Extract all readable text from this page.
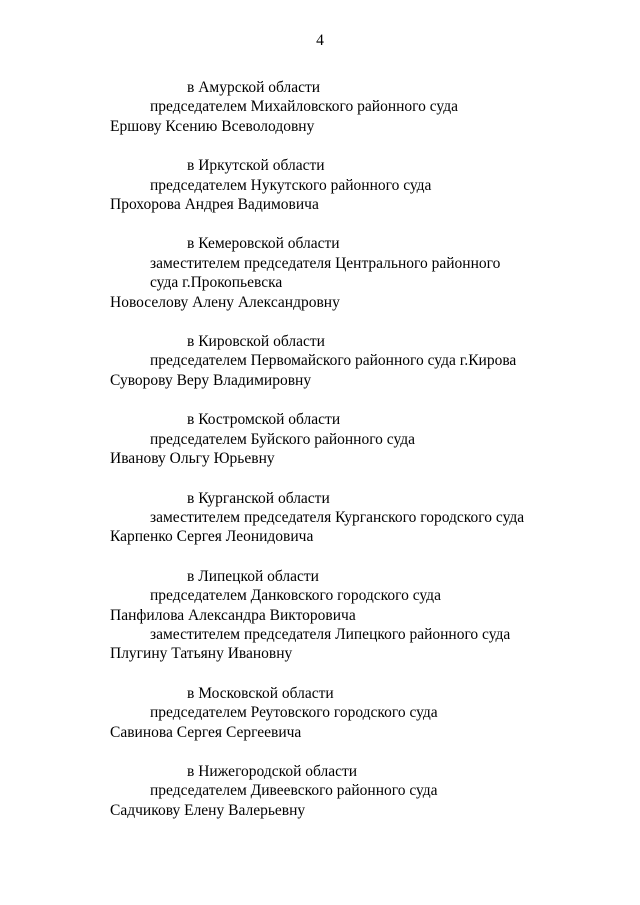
4
в Амурской области
председателем Михайловского районного суда
Ершову Ксению Всеволодовну
в Иркутской области
председателем Нукутского районного суда
Прохорова Андрея Вадимовича
в Кемеровской области
заместителем председателя Центрального районного
суда г.Прокопьевска
Новоселову Алену Александровну
в Кировской области
председателем Первомайского районного суда г.Кирова
Суворову Веру Владимировну
в Костромской области
председателем Буйского районного суда
Иванову Ольгу Юрьевну
в Курганской области
заместителем председателя Курганского городского суда
Карпенко Сергея Леонидовича
в Липецкой области
председателем Данковского городского суда
Панфилова Александра Викторовича
заместителем председателя Липецкого районного суда
Плугину Татьяну Ивановну
в Московской области
председателем Реутовского городского суда
Савинова Сергея Сергеевича
в Нижегородской области
председателем Дивеевского районного суда
Садчикову Елену Валерьевну
